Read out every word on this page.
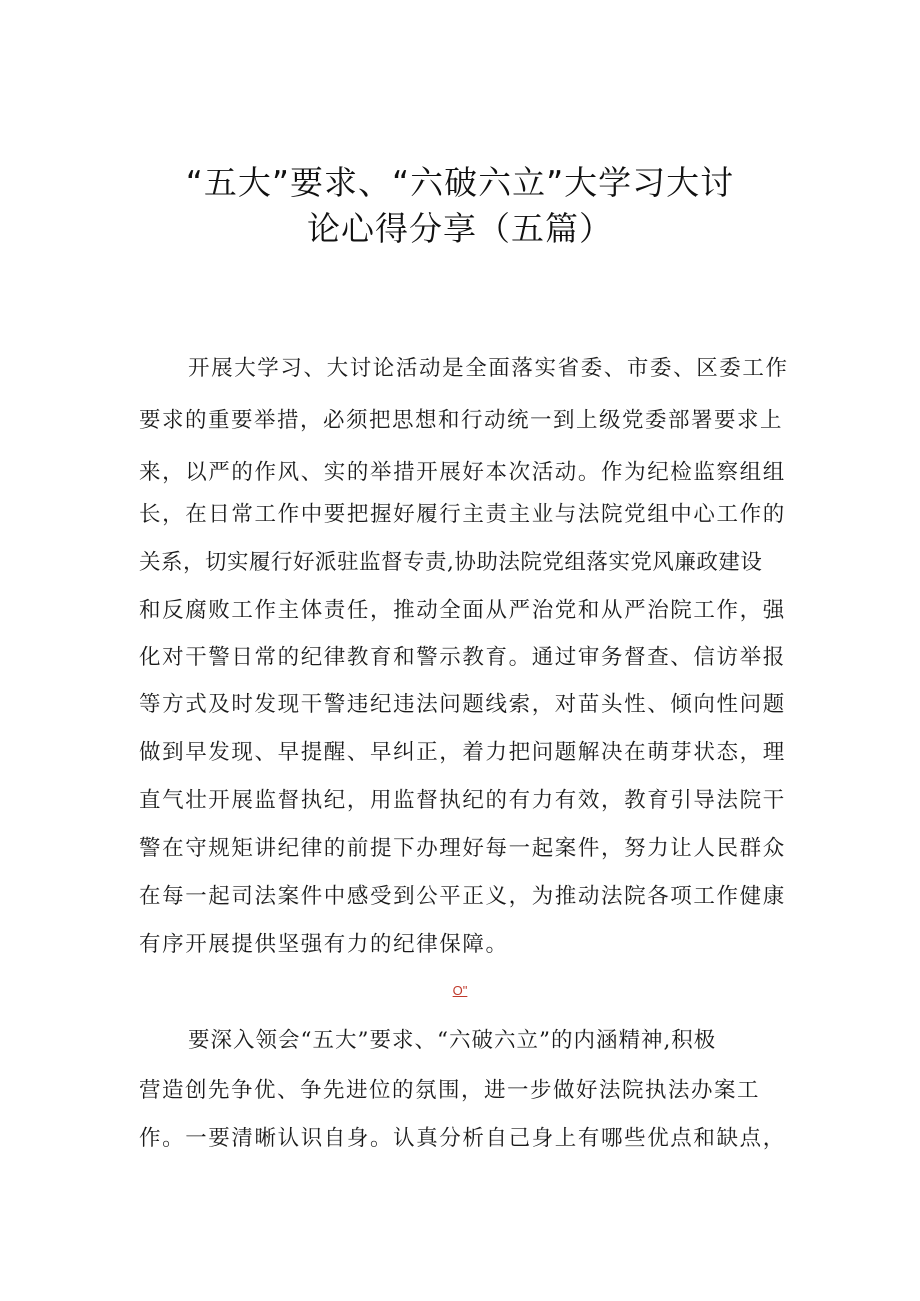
“五大”要求、“六破六立”大学习大讨
论心得分享（五篇）
开展大学习、大讨论活动是全面落实省委、市委、区委工作
要求的重要举措，必须把思想和行动统一到上级党委部署要求上
来，以严的作风、实的举措开展好本次活动。作为纪检监察组组
长，在日常工作中要把握好履行主责主业与法院党组中心工作的
关系，切实履行好派驻监督专责,协助法院党组落实党风廉政建设
和反腐败工作主体责任，推动全面从严治党和从严治院工作，强
化对干警日常的纪律教育和警示教育。通过审务督查、信访举报
等方式及时发现干警违纪违法问题线索，对苗头性、倾向性问题
做到早发现、早提醒、早纠正，着力把问题解决在萌芽状态，理
直气壮开展监督执纪，用监督执纪的有力有效，教育引导法院干
警在守规矩讲纪律的前提下办理好每一起案件，努力让人民群众
在每一起司法案件中感受到公平正义，为推动法院各项工作健康
有序开展提供坚强有力的纪律保障。
O"
要深入领会“五大”要求、“六破六立”的内涵精神,积极
营造创先争优、争先进位的氛围，进一步做好法院执法办案工
作。一要清晰认识自身。认真分析自己身上有哪些优点和缺点，
